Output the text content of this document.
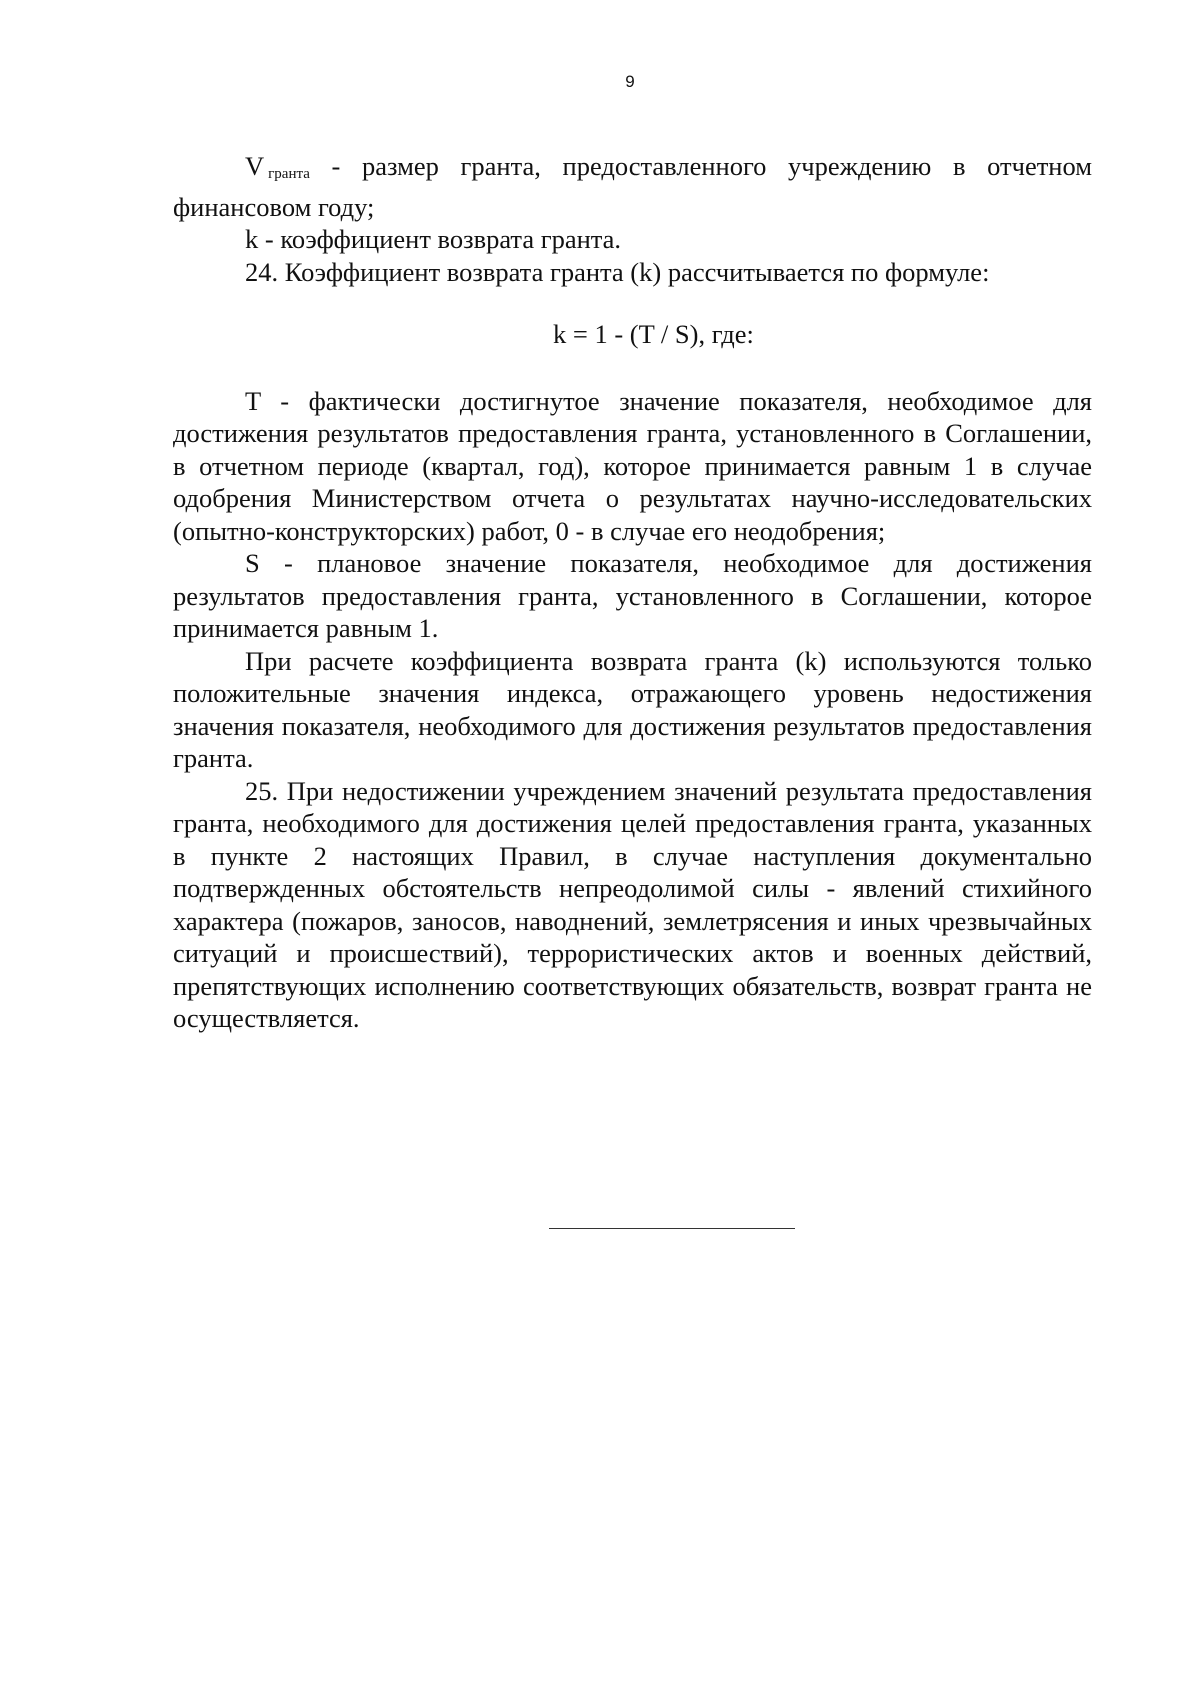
9

V $_{гранта}$ - размер гранта, предоставленного учреждению в отчетном финансовом году;

k - коэффициент возврата гранта.

24. Коэффициент возврата гранта (k) рассчитывается по формуле:

k = 1 - (T / S), где:

T - фактически достигнутое значение показателя, необходимое для достижения результатов предоставления гранта, установленного в Соглашении, в отчетном периоде (квартал, год), которое принимается равным 1 в случае одобрения Министерством отчета о результатах научно-исследовательских (опытно-конструкторских) работ, 0 - в случае его неодобрения;

S - плановое значение показателя, необходимое для достижения результатов предоставления гранта, установленного в Соглашении, которое принимается равным 1.

При расчете коэффициента возврата гранта (k) используются только положительные значения индекса, отражающего уровень недостижения значения показателя, необходимого для достижения результатов предоставления гранта.

25. При недостижении учреждением значений результата предоставления гранта, необходимого для достижения целей предоставления гранта, указанных в пункте 2 настоящих Правил, в случае наступления документально подтвержденных обстоятельств непреодолимой силы - явлений стихийного характера (пожаров, заносов, наводнений, землетрясения и иных чрезвычайных ситуаций и происшествий), террористических актов и военных действий, препятствующих исполнению соответствующих обязательств, возврат гранта не осуществляется.
